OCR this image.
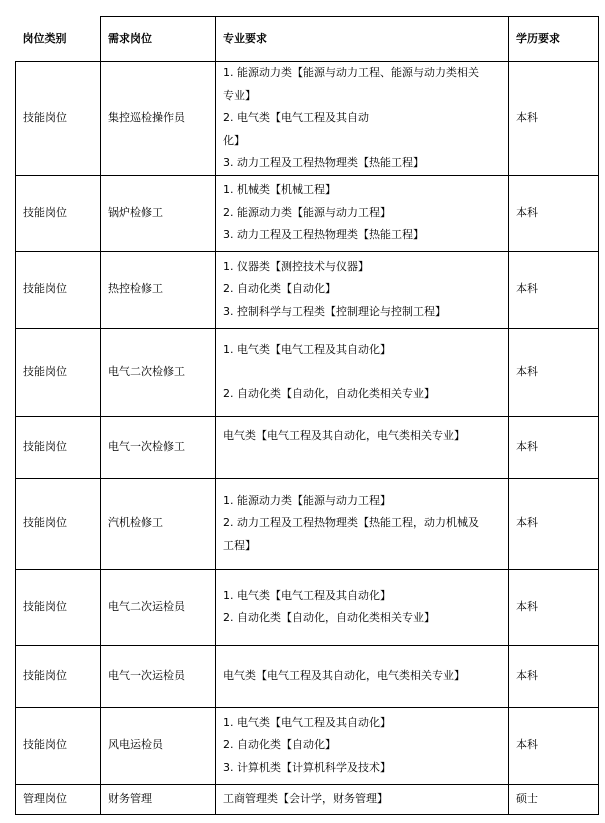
岗位类别	需求岗位	专业要求	学历要求
技能岗位	集控巡检操作员	1. 能源动力类【能源与动力工程、能源与动力类相关
专业】
2. 电气类【电气工程及其自动
化】
3. 动力工程及工程热物理类【热能工程】	本科
技能岗位	锅炉检修工	1. 机械类【机械工程】
2. 能源动力类【能源与动力工程】
3. 动力工程及工程热物理类【热能工程】	本科
技能岗位	热控检修工	1. 仪器类【测控技术与仪器】
2. 自动化类【自动化】
3. 控制科学与工程类【控制理论与控制工程】	本科
技能岗位	电气二次检修工	1. 电气类【电气工程及其自动化】
2. 自动化类【自动化，自动化类相关专业】	本科
技能岗位	电气一次检修工	电气类【电气工程及其自动化，电气类相关专业】	本科
技能岗位	汽机检修工	1. 能源动力类【能源与动力工程】
2. 动力工程及工程热物理类【热能工程，动力机械及
工程】	本科
技能岗位	电气二次运检员	1. 电气类【电气工程及其自动化】
2. 自动化类【自动化，自动化类相关专业】	本科
技能岗位	电气一次运检员	电气类【电气工程及其自动化，电气类相关专业】	本科
技能岗位	风电运检员	1. 电气类【电气工程及其自动化】
2. 自动化类【自动化】
3. 计算机类【计算机科学及技术】	本科
管理岗位	财务管理	工商管理类【会计学，财务管理】	硕士
